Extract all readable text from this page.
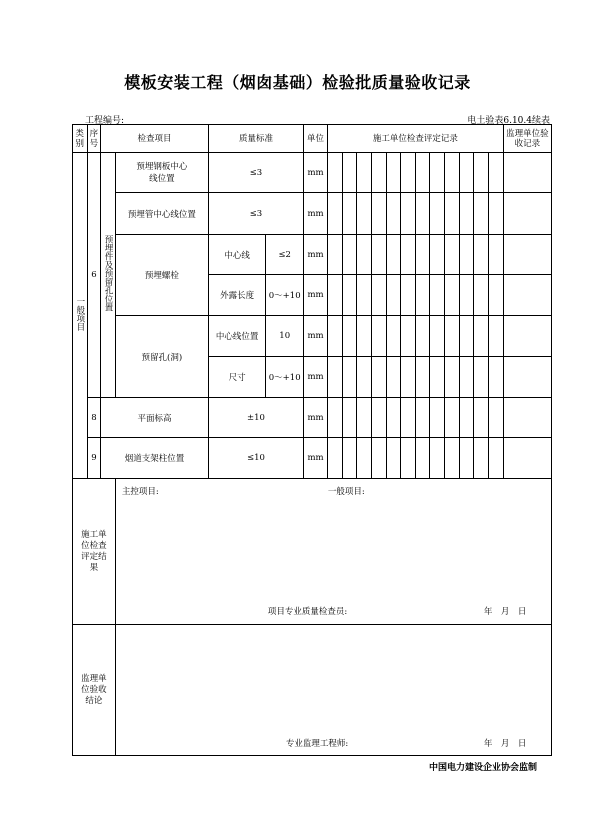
模板安装工程（烟囱基础）检验批质量验收记录
工程编号:	电土验表6.10.4续表
类别	序号	检查项目		质量标准		单位	施工单位检查评定记录												监理单位验收记录
一般项目	6	预埋件及预留孔位置	预埋钢板中心线位置	≤3		mm													
			预埋管中心线位置	≤3		mm													
			预埋螺栓	中心线	≤2	mm													
				外露长度	0～+10	mm													
			预留孔(洞)	中心线位置	10	mm													
				尺寸	0～+10	mm													
	8	平面标高		±10		mm													
	9	烟道支架柱位置		≤10		mm													
施工单位检查评定结果			主控项目: 一般项目:
项目专业质量检查员: 年　月　日																

监理单位验收结论			专业监理工程师: 年　月　日																
中国电力建设企业协会监制
